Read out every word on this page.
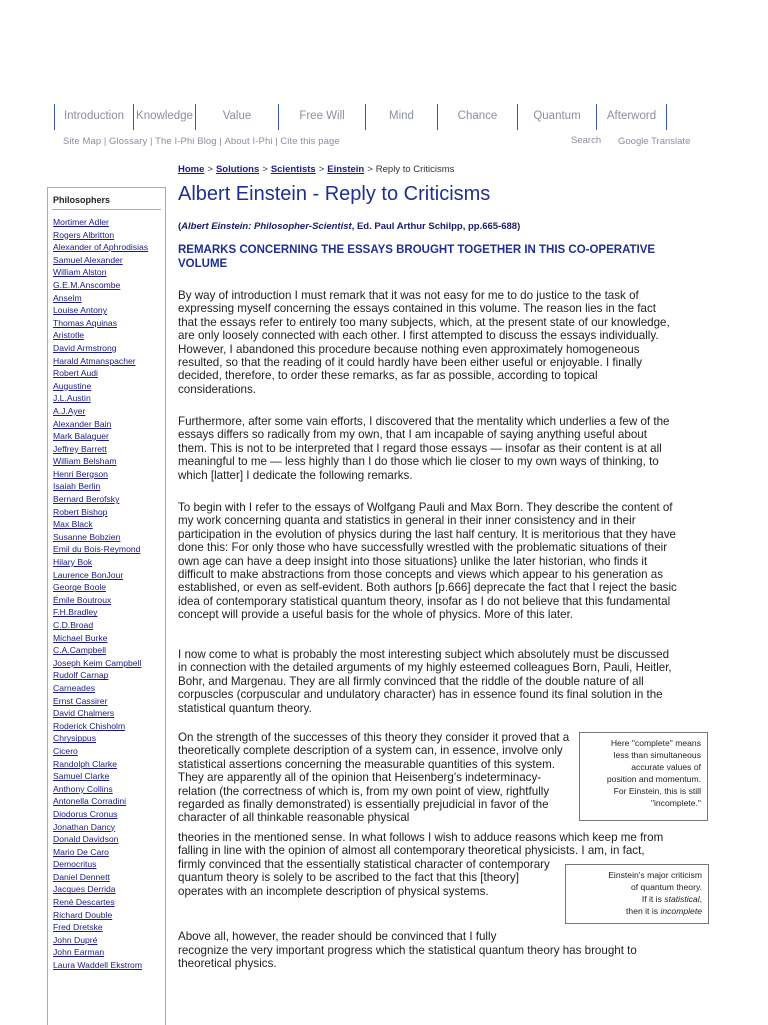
Introduction	Knowledge	Value	Free Will	Mind	Chance	Quantum	Afterword
Site Map | Glossary | The I-Phi Blog | About I-Phi | Cite this page	Search Google Translate
Home > Solutions > Scientists > Einstein > Reply to Criticisms
Philosophers
Mortimer Adler
Rogers Albritton
Alexander of Aphrodisias
Samuel Alexander
William Alston
G.E.M.Anscombe
Anselm
Louise Antony
Thomas Aquinas
Aristotle
David Armstrong
Harald Atmanspacher
Robert Audi
Augustine
J.L.Austin
A.J.Ayer
Alexander Bain
Mark Balaguer
Jeffrey Barrett
William Belsham
Henri Bergson
Isaiah Berlin
Bernard Berofsky
Robert Bishop
Max Black
Susanne Bobzien
Emil du Bois-Reymond
Hilary Bok
Laurence BonJour
George Boole
Émile Boutroux
F.H.Bradley
C.D.Broad
Michael Burke
C.A.Campbell
Joseph Keim Campbell
Rudolf Carnap
Carneades
Ernst Cassirer
David Chalmers
Roderick Chisholm
Chrysippus
Cicero
Randolph Clarke
Samuel Clarke
Anthony Collins
Antonella Corradini
Diodorus Cronus
Jonathan Dancy
Donald Davidson
Mario De Caro
Democritus
Daniel Dennett
Jacques Derrida
René Descartes
Richard Double
Fred Dretske
John Dupré
John Earman
Laura Waddell Ekstrom
Albert Einstein - Reply to Criticisms
(Albert Einstein: Philosopher-Scientist, Ed. Paul Arthur Schilpp, pp.665-688)
REMARKS CONCERNING THE ESSAYS BROUGHT TOGETHER IN THIS CO-OPERATIVE VOLUME

By way of introduction I must remark that it was not easy for me to do justice to the task of expressing myself concerning the essays contained in this volume. The reason lies in the fact that the essays refer to entirely too many subjects, which, at the present state of our knowledge, are only loosely connected with each other. I first attempted to discuss the essays individually. However, I abandoned this procedure because nothing even approximately homogeneous resulted, so that the reading of it could hardly have been either useful or enjoyable. I finally decided, therefore, to order these remarks, as far as possible, according to topical considerations.

Furthermore, after some vain efforts, I discovered that the mentality which underlies a few of the essays differs so radically from my own, that I am incapable of saying anything useful about them. This is not to be interpreted that I regard those essays — insofar as their content is at all meaningful to me — less highly than I do those which lie closer to my own ways of thinking, to which [latter] I dedicate the following remarks.

To begin with I refer to the essays of Wolfgang Pauli and Max Born. They describe the content of my work concerning quanta and statistics in general in their inner consistency and in their participation in the evolution of physics during the last half century. It is meritorious that they have done this: For only those who have successfully wrestled with the problematic situations of their own age can have a deep insight into those situations} unlike the later historian, who finds it difficult to make abstractions from those concepts and views which appear to his generation as established, or even as self-evident. Both authors [p.666] deprecate the fact that I reject the basic idea of contemporary statistical quantum theory, insofar as I do not believe that this fundamental concept will provide a useful basis for the whole of physics. More of this later.

I now come to what is probably the most interesting subject which absolutely must be discussed in connection with the detailed arguments of my highly esteemed colleagues Born, Pauli, Heitler, Bohr, and Margenau. They are all firmly convinced that the riddle of the double nature of all corpuscles (corpuscular and undulatory character) has in essence found its final solution in the statistical quantum theory.

On the strength of the successes of this theory they consider it proved that a theoretically complete description of a system can, in essence, involve only statistical assertions concerning the measurable quantities of this system. They are apparently all of the opinion that Heisenberg's indeterminacy-relation (the correctness of which is, from my own point of view, rightfully regarded as finally demonstrated) is essentially prejudicial in favor of the character of all thinkable reasonable physical

theories in the mentioned sense. In what follows I wish to adduce reasons which keep me from falling in line with the opinion of almost all contemporary theoretical physicists. I am, in fact,

firmly convinced that the essentially statistical character of contemporary quantum theory is solely to be ascribed to the fact that this [theory] operates with an incomplete description of physical systems.

Above all, however, the reader should be convinced that I fully

recognize the very important progress which the statistical quantum theory has brought to theoretical physics.

Here "complete" means
less than simultaneous
accurate values of
position and momentum.
For Einstein, this is still
"incomplete."
Einstein's major criticism
of quantum theory.
If it is statistical,
then it is incomplete
